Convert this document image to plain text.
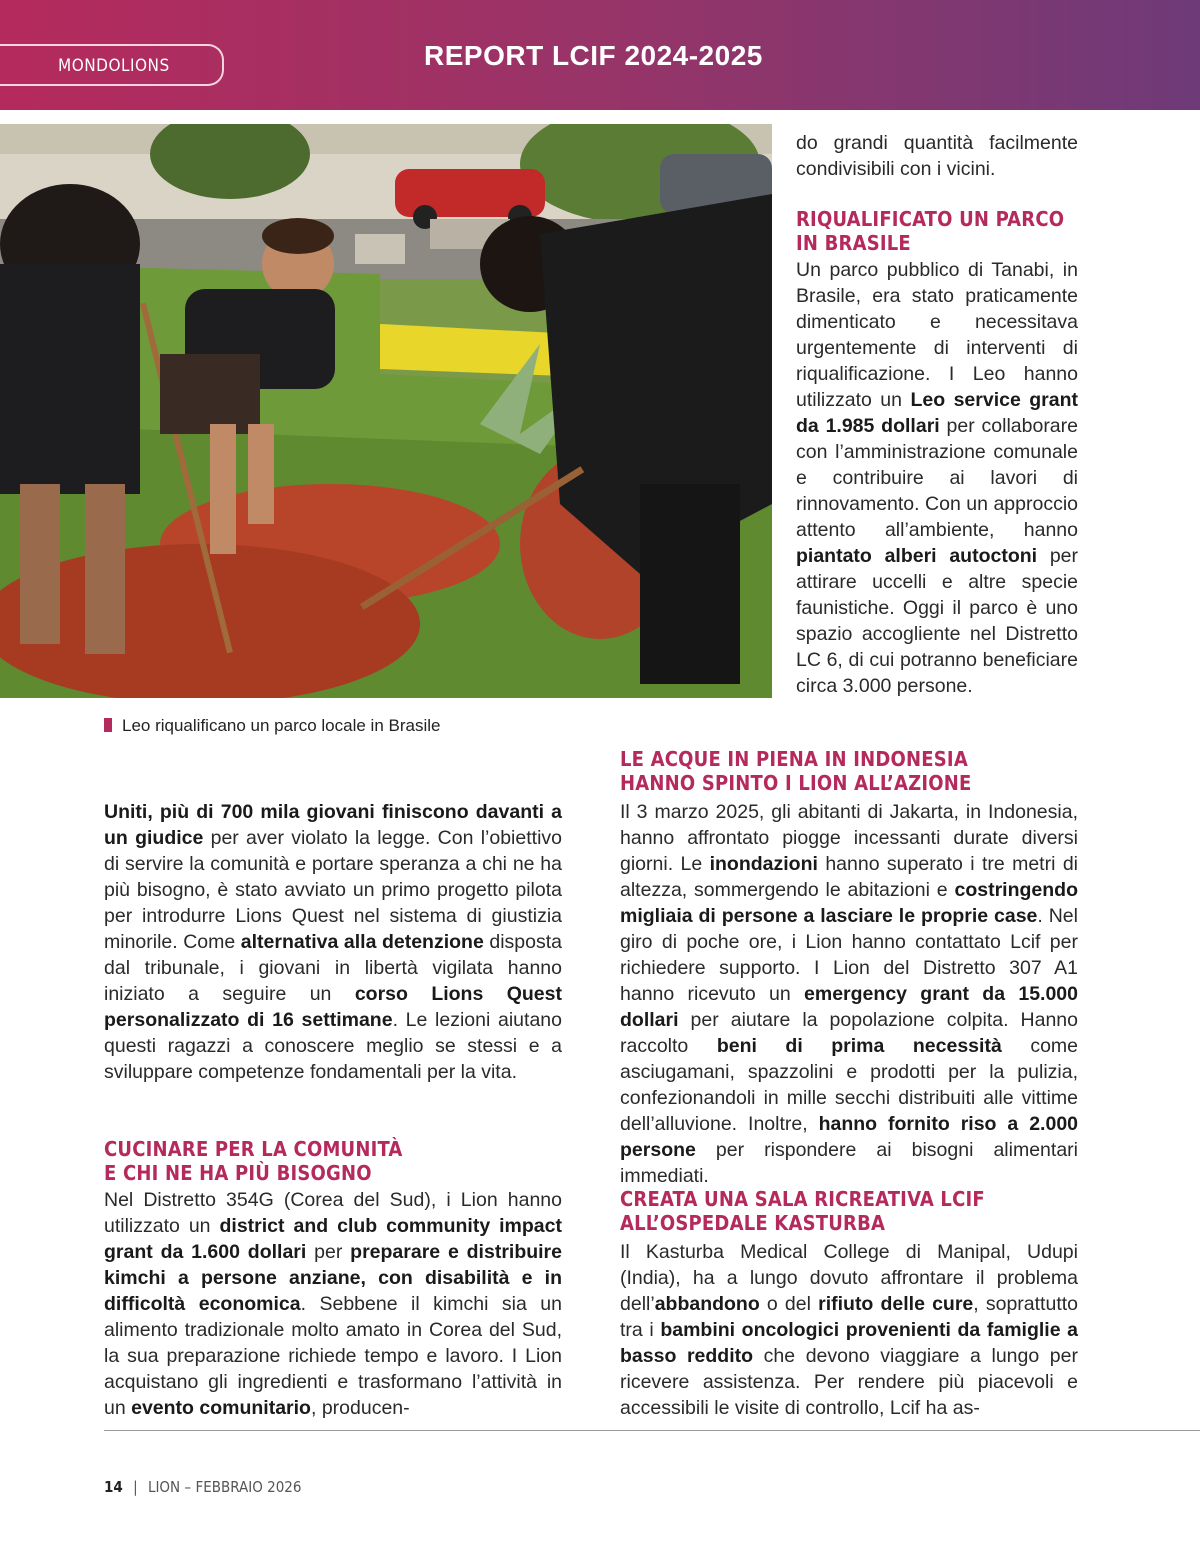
MONDOLIONS	REPORT LCIF 2024-2025
Leo riqualificano un parco locale in Brasile
do grandi quantità facilmente condivisibili con i vicini.
RIQUALIFICATO UN PARCO
IN BRASILE
Un parco pubblico di Tanabi, in Brasile, era stato praticamente dimenticato e necessitava urgentemente di interventi di riqualificazione. I Leo hanno utilizzato un Leo service grant da 1.985 dollari per collaborare con l’amministrazione comunale e contribuire ai lavori di rinnovamento. Con un approccio attento all’ambiente, hanno piantato alberi autoctoni per attirare uccelli e altre specie faunistiche. Oggi il parco è uno spazio accogliente nel Distretto LC 6, di cui potranno beneficiare circa 3.000 persone.
Uniti, più di 700 mila giovani finiscono davanti a un giudice per aver violato la legge. Con l’obiettivo di servire la comunità e portare speranza a chi ne ha più bisogno, è stato avviato un primo progetto pilota per introdurre Lions Quest nel sistema di giustizia minorile. Come alternativa alla detenzione disposta dal tribunale, i giovani in libertà vigilata hanno iniziato a seguire un corso Lions Quest personalizzato di 16 settimane. Le lezioni aiutano questi ragazzi a conoscere meglio se stessi e a sviluppare competenze fondamentali per la vita.
CUCINARE PER LA COMUNITÀ
E CHI NE HA PIÙ BISOGNO
Nel Distretto 354G (Corea del Sud), i Lion hanno utilizzato un district and club community impact grant da 1.600 dollari per preparare e distribuire kimchi a persone anziane, con disabilità e in difficoltà economica. Sebbene il kimchi sia un alimento tradizionale molto amato in Corea del Sud, la sua preparazione richiede tempo e lavoro. I Lion acquistano gli ingredienti e trasformano l’attività in un evento comunitario, producen-
LE ACQUE IN PIENA IN INDONESIA
HANNO SPINTO I LION ALL’AZIONE
Il 3 marzo 2025, gli abitanti di Jakarta, in Indonesia, hanno affrontato piogge incessanti durate diversi giorni. Le inondazioni hanno superato i tre metri di altezza, sommergendo le abitazioni e costringendo migliaia di persone a lasciare le proprie case. Nel giro di poche ore, i Lion hanno contattato Lcif per richiedere supporto. I Lion del Distretto 307 A1 hanno ricevuto un emergency grant da 15.000 dollari per aiutare la popolazione colpita. Hanno raccolto beni di prima necessità come asciugamani, spazzolini e prodotti per la pulizia, confezionandoli in mille secchi distribuiti alle vittime dell’alluvione. Inoltre, hanno fornito riso a 2.000 persone per rispondere ai bisogni alimentari immediati.
CREATA UNA SALA RICREATIVA LCIF
ALL’OSPEDALE KASTURBA
Il Kasturba Medical College di Manipal, Udupi (India), ha a lungo dovuto affrontare il problema dell’abbandono o del rifiuto delle cure, soprattutto tra i bambini oncologici provenienti da famiglie a basso reddito che devono viaggiare a lungo per ricevere assistenza. Per rendere più piacevoli e accessibili le visite di controllo, Lcif ha as-
14 | LION – FEBBRAIO 2026
